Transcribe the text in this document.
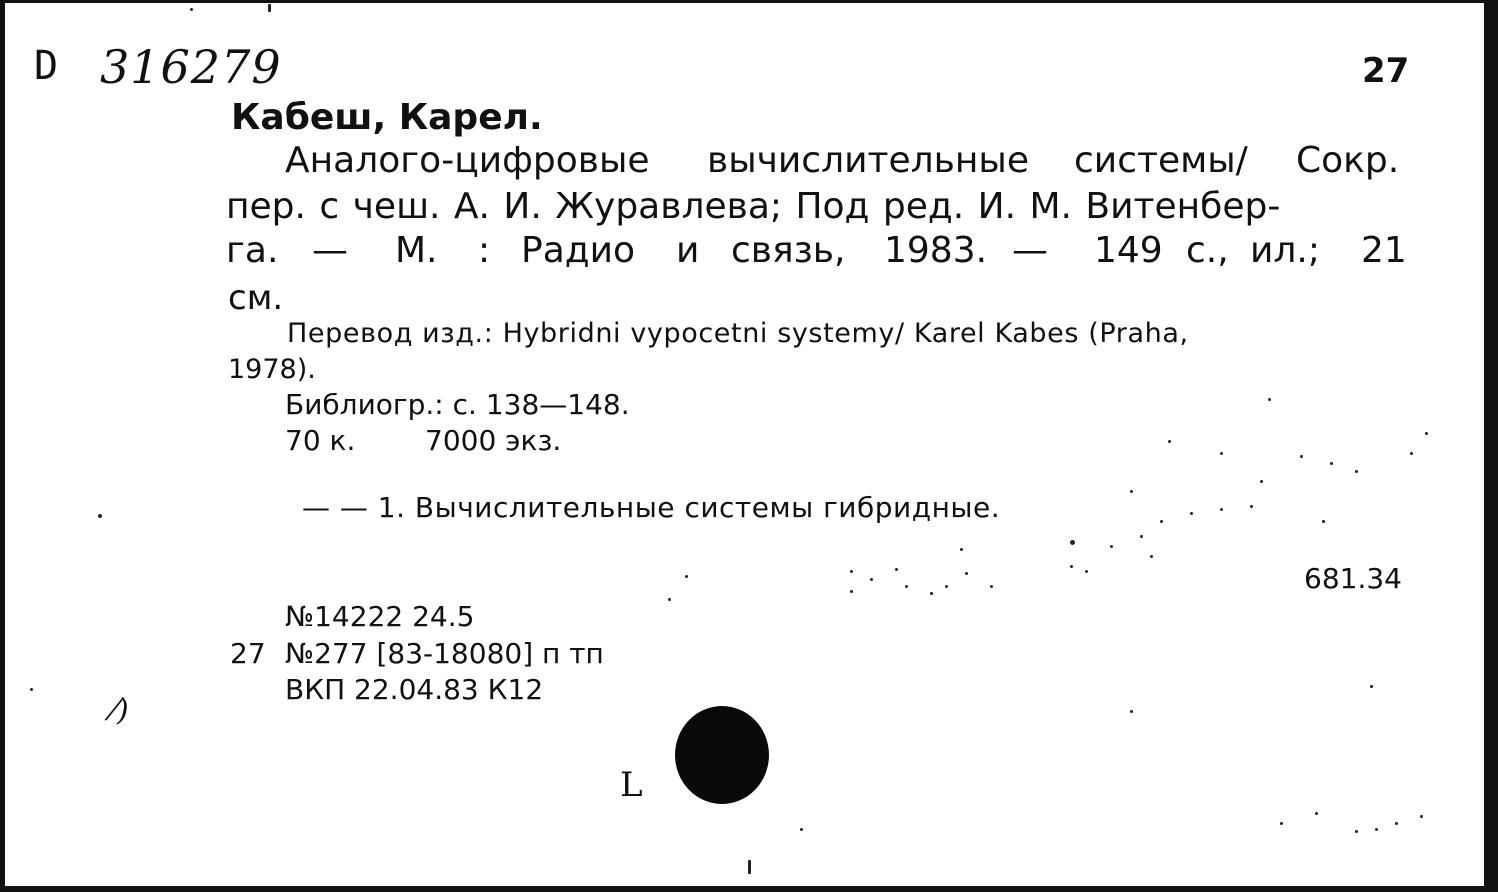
D 316279	27
Кабеш, Карел.
Аналого-цифровые вычислительные системы/ Сокр.
пер. с чеш. А. И. Журавлева; Под ред. И. М. Витенбер-
га. — М. : Радио и связь, 1983. — 149 с., ил.; 21
см.
Перевод изд.: Hybridni vypocetni systemy/ Karel Kabes (Praha,
1978).
Библиогр.: с. 138—148.
70 к. 7000 экз.
— — 1. Вычислительные системы гибридные.
681.34
№14222 24.5
27 №277 [83-18080] п тп
ВКП 22.04.83 К12
⁄)
L
